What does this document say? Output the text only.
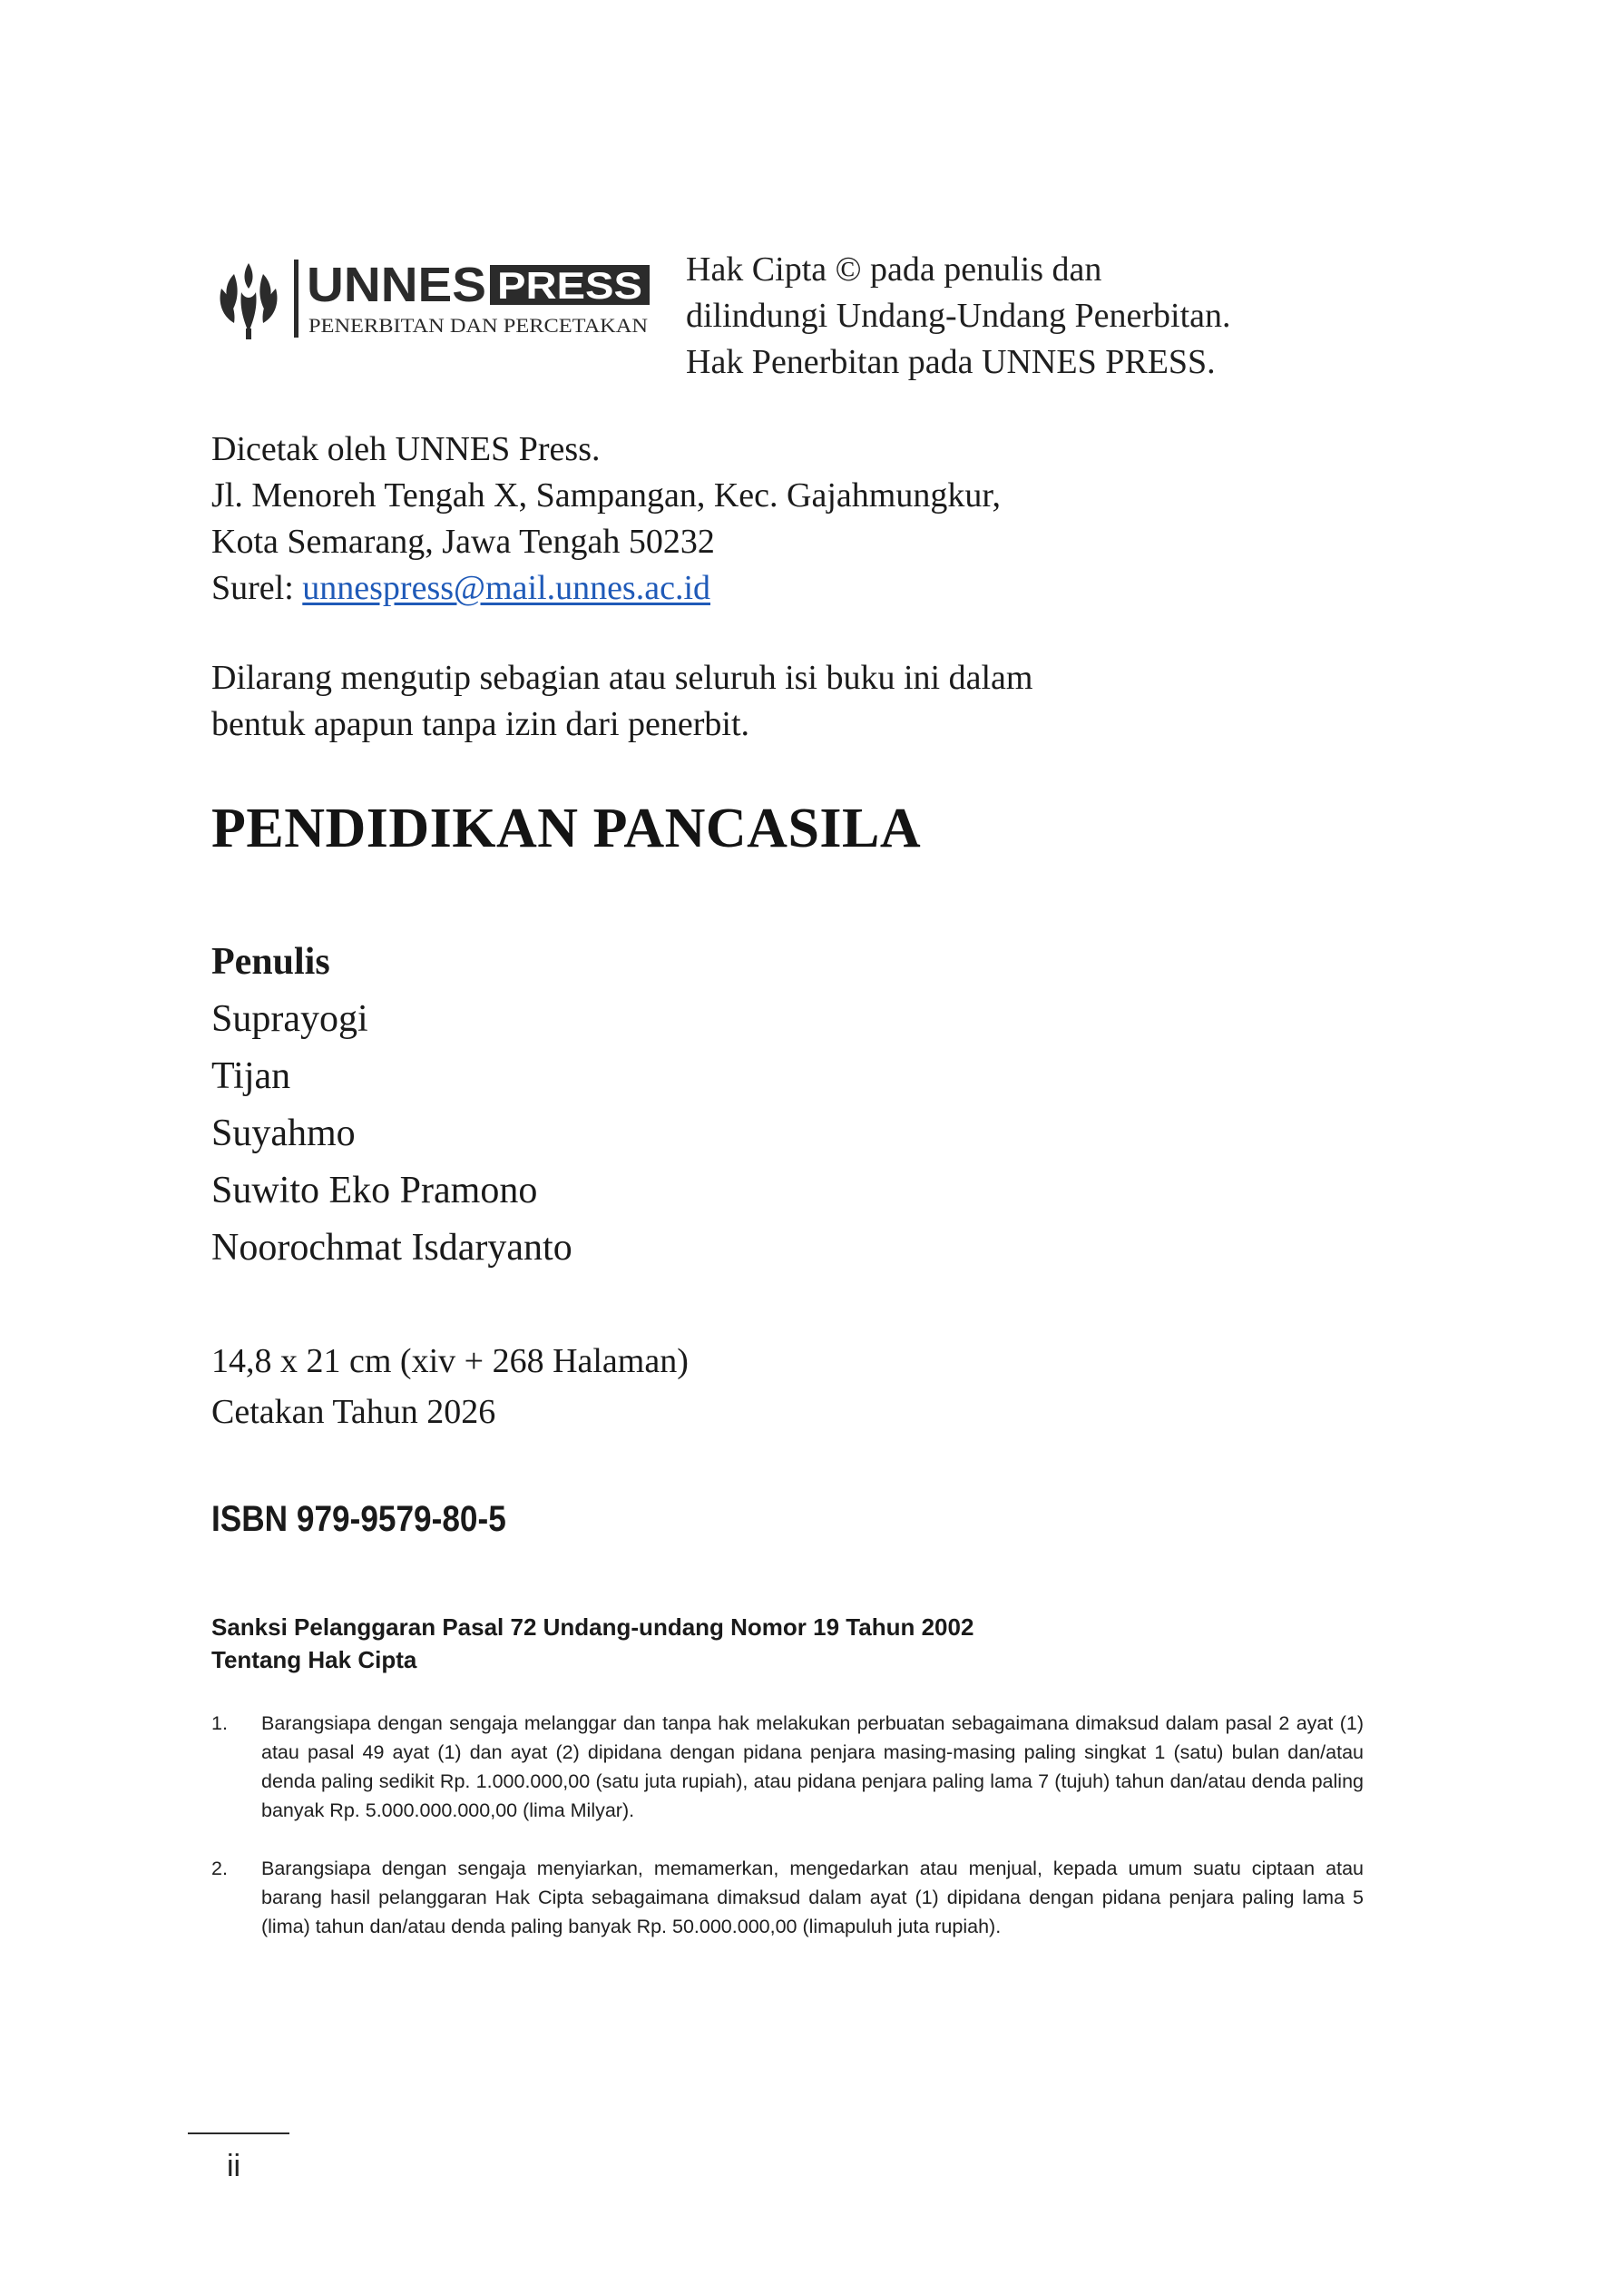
UNNES PRESS
PENERBITAN DAN PERCETAKAN
Hak Cipta © pada penulis dan
dilindungi Undang-Undang Penerbitan.
Hak Penerbitan pada UNNES PRESS.
Dicetak oleh UNNES Press.
Jl. Menoreh Tengah X, Sampangan, Kec. Gajahmungkur,
Kota Semarang, Jawa Tengah 50232
Surel: unnespress@mail.unnes.ac.id
Dilarang mengutip sebagian atau seluruh isi buku ini dalam
bentuk apapun tanpa izin dari penerbit.
PENDIDIKAN PANCASILA
Penulis
Suprayogi
Tijan
Suyahmo
Suwito Eko Pramono
Noorochmat Isdaryanto
14,8 x 21 cm (xiv + 268 Halaman)
Cetakan Tahun 2026
ISBN 979-9579-80-5
Sanksi Pelanggaran Pasal 72 Undang-undang Nomor 19 Tahun 2002
Tentang Hak Cipta
1.	Barangsiapa dengan sengaja melanggar dan tanpa hak melakukan perbuatan sebagaimana dimaksud dalam pasal 2 ayat (1) atau pasal 49 ayat (1) dan ayat (2) dipidana dengan pidana penjara masing-masing paling singkat 1 (satu) bulan dan/atau denda paling sedikit Rp. 1.000.000,00 (satu juta rupiah), atau pidana penjara paling lama 7 (tujuh) tahun dan/atau denda paling banyak Rp. 5.000.000.000,00 (lima Milyar).
2.	Barangsiapa dengan sengaja menyiarkan, memamerkan, mengedarkan atau menjual, kepada umum suatu ciptaan atau barang hasil pelanggaran Hak Cipta sebagaimana dimaksud dalam ayat (1) dipidana dengan pidana penjara paling lama 5 (lima) tahun dan/atau denda paling banyak Rp. 50.000.000,00 (limapuluh juta rupiah).
ii
